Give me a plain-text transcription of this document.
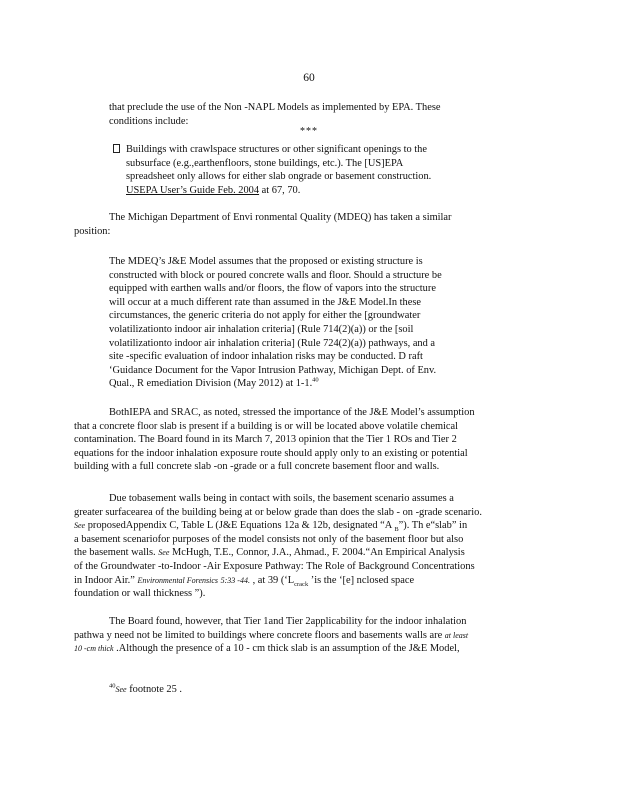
60
that preclude the use of the Non -NAPL Models as implemented by EPA. These
conditions include:
***
Buildings with crawlspace structures or other significant openings to the
subsurface (e.g.,earthenfloors, stone buildings, etc.). The [US]EPA
spreadsheet only allows for either slab ongrade or basement construction.
USEPA User’s Guide Feb. 2004 at 67, 70.
The Michigan Department of Envi ronmental Quality (MDEQ) has taken a similar
position:
The MDEQ’s J&E Model assumes that the proposed or existing structure is
constructed with block or poured concrete walls and floor. Should a structure be
equipped with earthen walls and/or floors, the flow of vapors into the structure
will occur at a much different rate than assumed in the J&E Model.In these
circumstances, the generic criteria do not apply for either the [groundwater
volatilizationto indoor air inhalation criteria] (Rule 714(2)(a)) or the [soil
volatilizationto indoor air inhalation criteria] (Rule 724(2)(a)) pathways, and a
site -specific evaluation of indoor inhalation risks may be conducted. D raft
‘Guidance Document for the Vapor Intrusion Pathway, Michigan Dept. of Env.
Qual., R emediation Division (May 2012) at 1-1.40
BothIEPA and SRAC, as noted, stressed the importance of the J&E Model’s assumption
that a concrete floor slab is present if a building is or will be located above volatile chemical
contamination. The Board found in its March 7, 2013 opinion that the Tier 1 ROs and Tier 2
equations for the indoor inhalation exposure route should apply only to an existing or potential
building with a full concrete slab -on -grade or a full concrete basement floor and walls.
Due tobasement walls being in contact with soils, the basement scenario assumes a
greater surfacearea of the building being at or below grade than does the slab - on -grade scenario.
See proposedAppendix C, Table L (J&E Equations 12a & 12b, designated “A $_B$”). Th e“slab” in
a basement scenariofor purposes of the model consists not only of the basement floor but also
the basement walls. See McHugh, T.E., Connor, J.A., Ahmad., F. 2004.“An Empirical Analysis
of the Groundwater -to-Indoor -Air Exposure Pathway: The Role of Background Concentrations
in Indoor Air.” Environmental Forensics 5:33 -44. , at 39 (‘$L_{crack}$ ’is the ‘[e] nclosed space
foundation or wall thickness ”).
The Board found, however, that Tier 1and Tier 2applicability for the indoor inhalation
pathwa y need not be limited to buildings where concrete floors and basements walls are at least
10 -cm thick .Although the presence of a 10 - cm thick slab is an assumption of the J&E Model,
$^{40}$See footnote 25 .
